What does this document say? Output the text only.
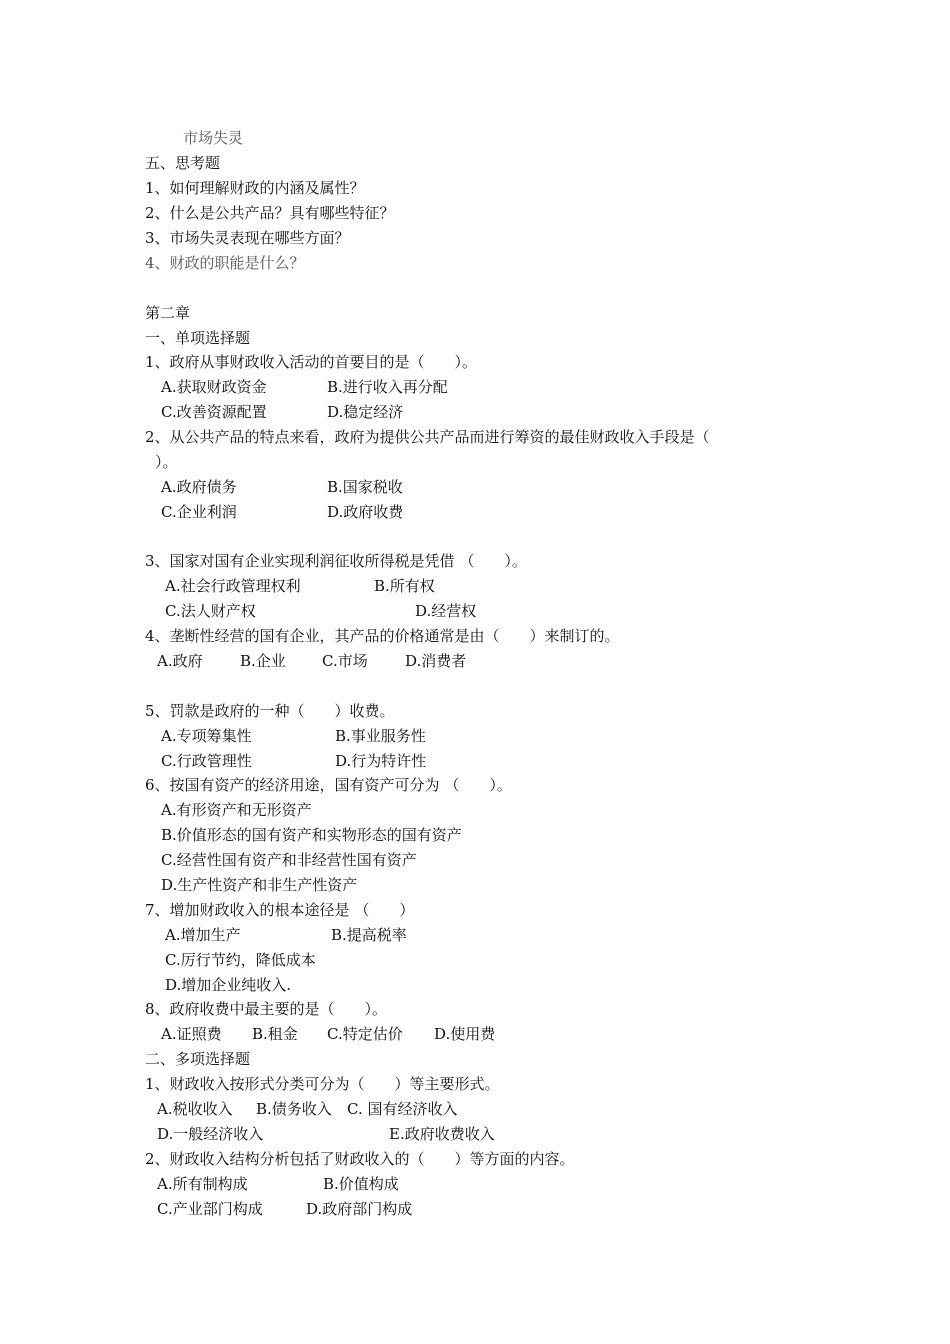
市场失灵
五、思考题
1、如何理解财政的内涵及属性？
2、什么是公共产品？具有哪些特征？
3、市场失灵表现在哪些方面？
4、财政的职能是什么？
第二章
一、单项选择题
1、政府从事财政收入活动的首要目的是（　　）。
A.获取财政资金	B.进行收入再分配
C.改善资源配置	D.稳定经济
2、从公共产品的特点来看，政府为提供公共产品而进行筹资的最佳财政收入手段是（
）。
A.政府债务	B.国家税收
C.企业利润	D.政府收费
3、国家对国有企业实现利润征收所得税是凭借 （　　）。
A.社会行政管理权利	B.所有权
C.法人财产权	D.经营权
4、垄断性经营的国有企业，其产品的价格通常是由（　　）来制订的。
A.政府 B.企业 C.市场 D.消费者
5、罚款是政府的一种（　　）收费。
A.专项筹集性	B.事业服务性
C.行政管理性	D.行为特许性
6、按国有资产的经济用途，国有资产可分为 （　　）。
A.有形资产和无形资产
B.价值形态的国有资产和实物形态的国有资产
C.经营性国有资产和非经营性国有资产
D.生产性资产和非生产性资产
7、增加财政收入的根本途径是 （　　）
A.增加生产	B.提高税率
C.厉行节约，降低成本
D.增加企业纯收入.
8、政府收费中最主要的是（　　）。
A.证照费 B.租金 C.特定估价 D.使用费
二、多项选择题
1、财政收入按形式分类可分为（　　）等主要形式。
A.税收收入 B.债务收入 C. 国有经济收入
D.一般经济收入	E.政府收费收入
2、财政收入结构分析包括了财政收入的（　　）等方面的内容。
A.所有制构成	B.价值构成
C.产业部门构成	D.政府部门构成
